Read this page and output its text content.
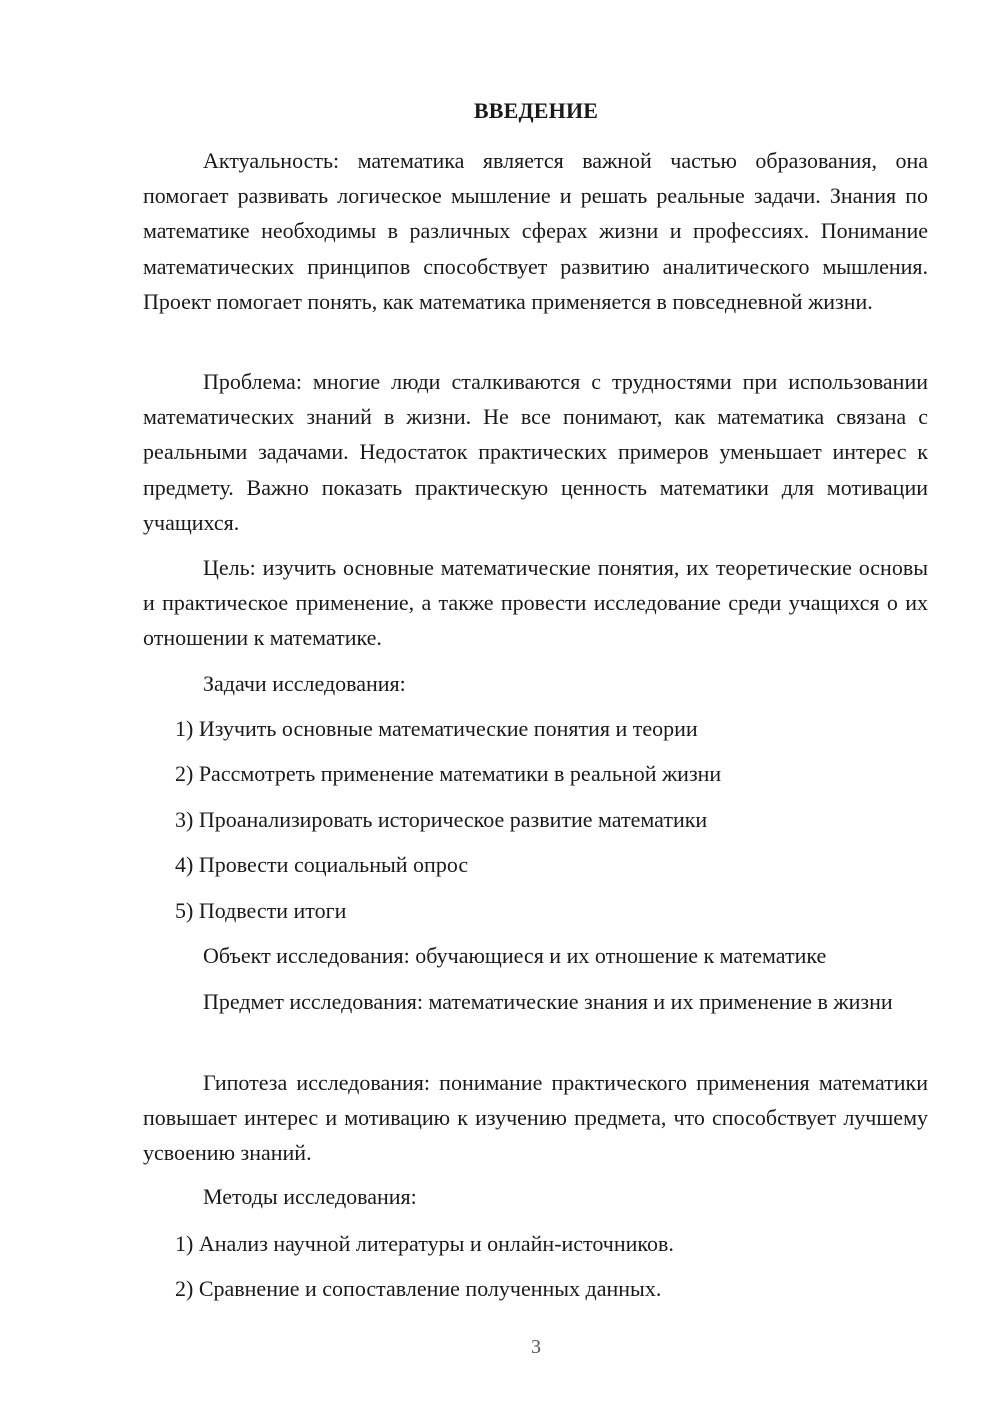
ВВЕДЕНИЕ

Актуальность: математика является важной частью образования, она помогает развивать логическое мышление и решать реальные задачи. Знания по математике необходимы в различных сферах жизни и профессиях. Понимание математических принципов способствует развитию аналитического мышления. Проект помогает понять, как математика применяется в повседневной жизни.

Проблема: многие люди сталкиваются с трудностями при использовании математических знаний в жизни. Не все понимают, как математика связана с реальными задачами. Недостаток практических примеров уменьшает интерес к предмету. Важно показать практическую ценность математики для мотивации учащихся.

Цель: изучить основные математические понятия, их теоретические основы и практическое применение, а также провести исследование среди учащихся о их отношении к математике.

Задачи исследования:
1) Изучить основные математические понятия и теории
2) Рассмотреть применение математики в реальной жизни
3) Проанализировать историческое развитие математики
4) Провести социальный опрос
5) Подвести итоги
Объект исследования: обучающиеся и их отношение к математике

Предмет исследования: математические знания и их применение в жизни

Гипотеза исследования: понимание практического применения математики повышает интерес и мотивацию к изучению предмета, что способствует лучшему усвоению знаний.

Методы исследования:
1) Анализ научной литературы и онлайн-источников.
2) Сравнение и сопоставление полученных данных.
3
